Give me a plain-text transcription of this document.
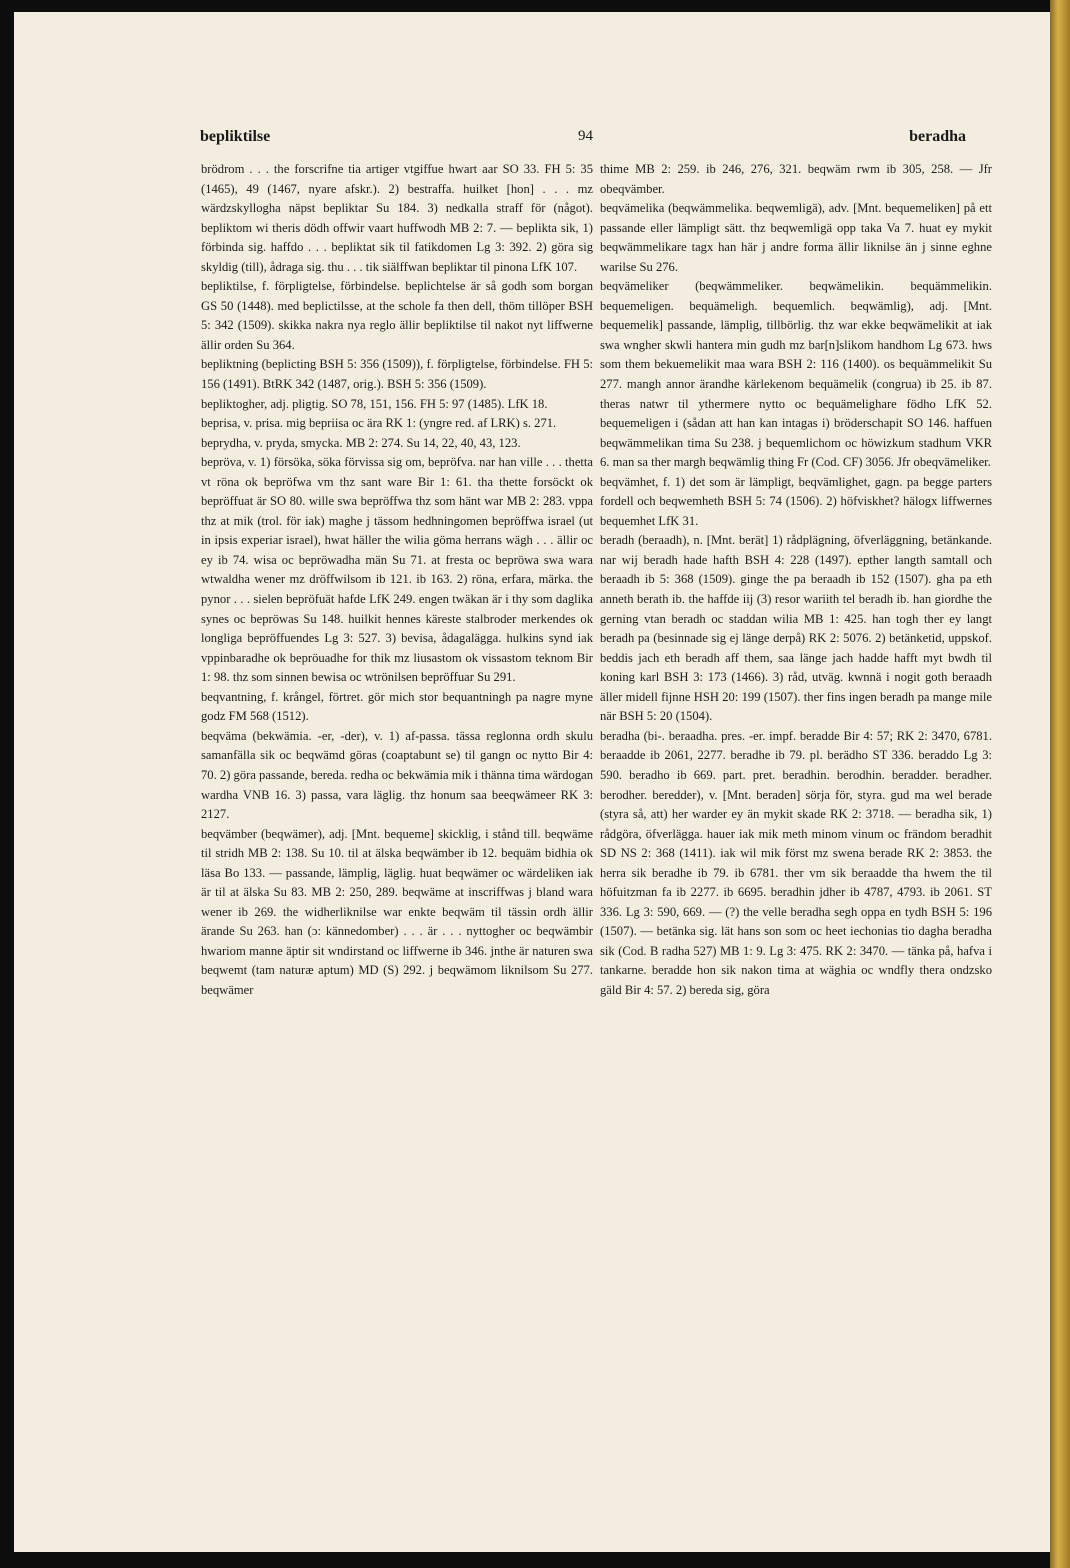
bepliktilse	94	beradha

brödrom . . . the forscrifne tia artiger vtgiffue hwart aar SO 33. FH 5: 35 (1465), 49 (1467, nyare afskr.). 2) bestraffa. huilket [hon] . . . mz wärdzskyllogha näpst bepliktar Su 184. 3) nedkalla straff för (något). bepliktom wi theris dödh offwir vaart huffwodh MB 2: 7. — beplikta sik, 1) förbinda sig. haffdo . . . bepliktat sik til fatikdomen Lg 3: 392. 2) göra sig skyldig (till), ådraga sig. thu . . . tik siälffwan bepliktar til pinona LfK 107.

bepliktilse, f. förpligtelse, förbindelse. beplichtelse är så godh som borgan GS 50 (1448). med beplictilsse, at the schole fa then dell, thöm tillöper BSH 5: 342 (1509). skikka nakra nya reglo ällir bepliktilse til nakot nyt liffwerne ällir orden Su 364.

bepliktning (beplicting BSH 5: 356 (1509)), f. förpligtelse, förbindelse. FH 5: 156 (1491). BtRK 342 (1487, orig.). BSH 5: 356 (1509).

bepliktogher, adj. pligtig. SO 78, 151, 156. FH 5: 97 (1485). LfK 18.

beprisa, v. prisa. mig bepriisa oc ära RK 1: (yngre red. af LRK) s. 271.

beprydha, v. pryda, smycka. MB 2: 274. Su 14, 22, 40, 43, 123.

bepröva, v. 1) försöka, söka förvissa sig om, bepröfva. nar han ville . . . thetta vt röna ok bepröfwa vm thz sant ware Bir 1: 61. tha thette forsöckt ok bepröffuat är SO 80. wille swa bepröffwa thz som hänt war MB 2: 283. vppa thz at mik (trol. för iak) maghe j tässom hedhningomen bepröffwa israel (ut in ipsis experiar israel), hwat häller the wilia göma herrans wägh . . . ällir oc ey ib 74. wisa oc bepröwadha män Su 71. at fresta oc bepröwa swa wara wtwaldha wener mz dröffwilsom ib 121. ib 163. 2) röna, erfara, märka. the pynor . . . sielen bepröfuät hafde LfK 249. engen twäkan är i thy som daglika synes oc bepröwas Su 148. huilkit hennes käreste stalbroder merkendes ok longliga bepröffuendes Lg 3: 527. 3) bevisa, ådagalägga. hulkins synd iak vppinbaradhe ok bepröuadhe for thik mz liusastom ok vissastom teknom Bir 1: 98. thz som sinnen bewisa oc wtrönilsen bepröffuar Su 291.

beqvantning, f. krångel, förtret. gör mich stor bequantningh pa nagre myne godz FM 568 (1512).

beqväma (bekwämia. -er, -der), v. 1) af-passa. tässa reglonna ordh skulu samanfälla sik oc beqwämd göras (coaptabunt se) til gangn oc nytto Bir 4: 70. 2) göra passande, bereda. redha oc bekwämia mik i thänna tima wärdogan wardha VNB 16. 3) passa, vara läglig. thz honum saa beeqwämeer RK 3: 2127.

beqvämber (beqwämer), adj. [Mnt. bequeme] skicklig, i stånd till. beqwäme til stridh MB 2: 138. Su 10. til at älska beqwämber ib 12. bequäm bidhia ok läsa Bo 133. — passande, lämplig, läglig. huat beqwämer oc wärdeliken iak är til at älska Su 83. MB 2: 250, 289. beqwäme at inscriffwas j bland wara wener ib 269. the widherliknilse war enkte beqwäm til tässin ordh ällir ärande Su 263. han (ɔ: kännedomber) . . . är . . . nyttogher oc beqwämbir hwariom manne äptir sit wndirstand oc liffwerne ib 346. jnthe är naturen swa beqwemt (tam naturæ aptum) MD (S) 292. j beqwämom liknilsom Su 277. beqwämer

thime MB 2: 259. ib 246, 276, 321. beqwäm rwm ib 305, 258. — Jfr obeqvämber.

beqvämelika (beqwämmelika. beqwemligä), adv. [Mnt. bequemeliken] på ett passande eller lämpligt sätt. thz beqwemligä opp taka Va 7. huat ey mykit beqwämmelikare tagx han här j andre forma ällir liknilse än j sinne eghne warilse Su 276.

beqvämeliker (beqwämmeliker. beqwämelikin. bequämmelikin. bequemeligen. bequämeligh. bequemlich. beqwämlig), adj. [Mnt. bequemelik] passande, lämplig, tillbörlig. thz war ekke beqwämelikit at iak swa wngher skwli hantera min gudh mz bar[n]slikom handhom Lg 673. hws som them bekuemelikit maa wara BSH 2: 116 (1400). os bequämmelikit Su 277. mangh annor ärandhe kärlekenom bequämelik (congrua) ib 25. ib 87. theras natwr til ythermere nytto oc bequämelighare födho LfK 52. bequemeligen i (sådan att han kan intagas i) bröderschapit SO 146. haffuen beqwämmelikan tima Su 238. j bequemlichom oc höwizkum stadhum VKR 6. man sa ther margh beqwämlig thing Fr (Cod. CF) 3056. Jfr obeqvämeliker.

beqvämhet, f. 1) det som är lämpligt, beqvämlighet, gagn. pa begge parters fordell och beqwemheth BSH 5: 74 (1506). 2) höfviskhet? hälogx liffwernes bequemhet LfK 31.

beradh (beraadh), n. [Mnt. berät] 1) rådplägning, öfverläggning, betänkande. nar wij beradh hade hafth BSH 4: 228 (1497). epther langth samtall och beraadh ib 5: 368 (1509). ginge the pa beraadh ib 152 (1507). gha pa eth anneth berath ib. the haffde iij (3) resor wariith tel beradh ib. han giordhe the gerning vtan beradh oc staddan wilia MB 1: 425. han togh ther ey langt beradh pa (besinnade sig ej länge derpå) RK 2: 5076. 2) betänketid, uppskof. beddis jach eth beradh aff them, saa länge jach hadde hafft myt bwdh til koning karl BSH 3: 173 (1466). 3) råd, utväg. kwnnä i nogit goth beraadh äller midell fijnne HSH 20: 199 (1507). ther fins ingen beradh pa mange mile när BSH 5: 20 (1504).

beradha (bi-. beraadha. pres. -er. impf. beradde Bir 4: 57; RK 2: 3470, 6781. beraadde ib 2061, 2277. beradhe ib 79. pl. berädho ST 336. beraddo Lg 3: 590. beradho ib 669. part. pret. beradhin. berodhin. beradder. beradher. berodher. beredder), v. [Mnt. beraden] sörja för, styra. gud ma wel berade (styra så, att) her warder ey än mykit skade RK 2: 3718. — beradha sik, 1) rådgöra, öfverlägga. hauer iak mik meth minom vinum oc frändom beradhit SD NS 2: 368 (1411). iak wil mik först mz swena berade RK 2: 3853. the herra sik beradhe ib 79. ib 6781. ther vm sik beraadde tha hwem the til höfuitzman fa ib 2277. ib 6695. beradhin jdher ib 4787, 4793. ib 2061. ST 336. Lg 3: 590, 669. — (?) the velle beradha segh oppa en tydh BSH 5: 196 (1507). — betänka sig. lät hans son som oc heet iechonias tio dagha beradha sik (Cod. B radha 527) MB 1: 9. Lg 3: 475. RK 2: 3470. — tänka på, hafva i tankarne. beradde hon sik nakon tima at wäghia oc wndfly thera ondzsko gäld Bir 4: 57. 2) bereda sig, göra
